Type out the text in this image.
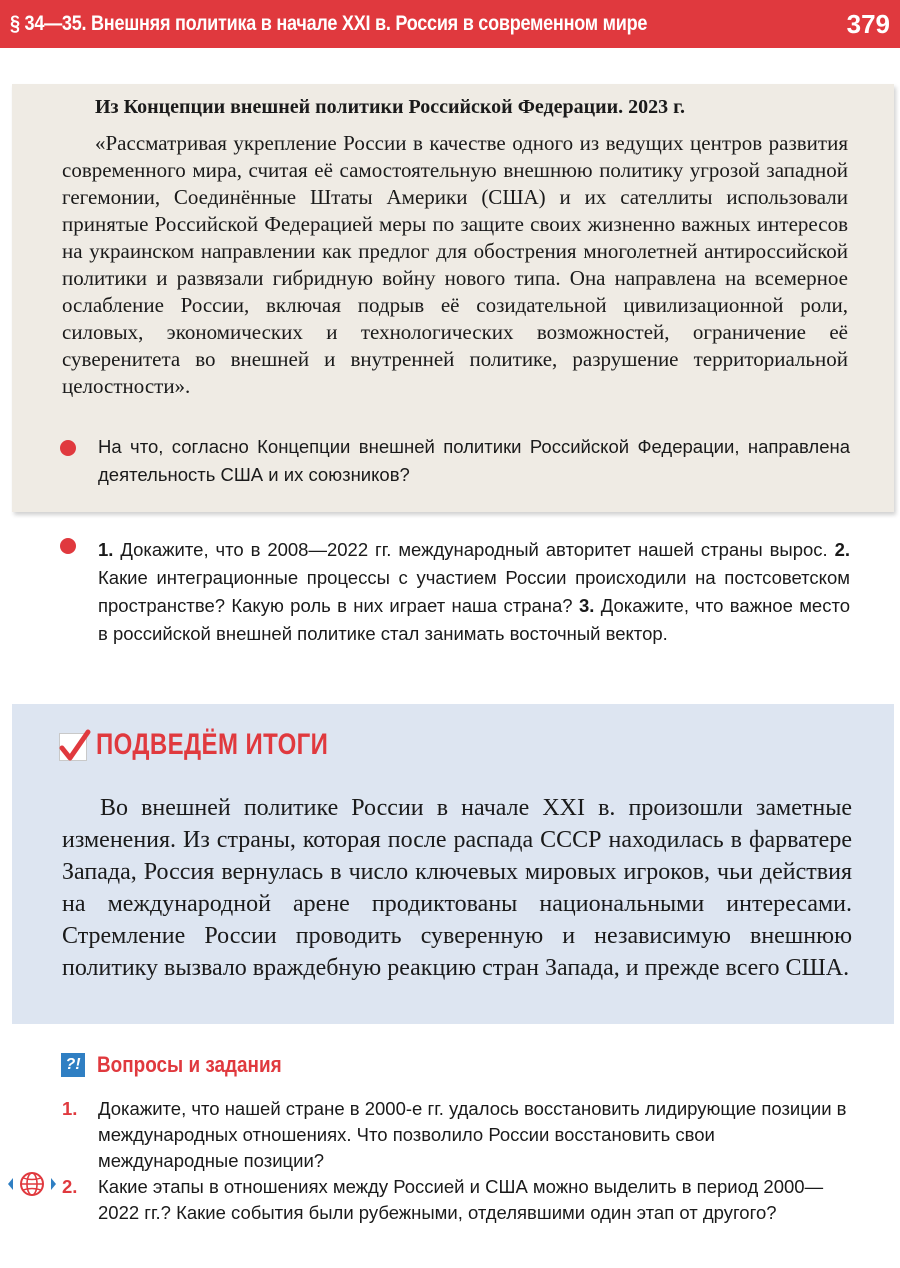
§ 34—35. Внешняя политика в начале XXI в. Россия в современном мире	379
Из Концепции внешней политики Российской Федерации. 2023 г.

«Рассматривая укрепление России в качестве одного из ведущих центров развития современного мира, считая её самостоятельную внешнюю политику угрозой западной гегемонии, Соединённые Штаты Америки (США) и их сателлиты использовали принятые Российской Федерацией меры по защите своих жизненно важных интересов на украинском направлении как предлог для обострения многолетней антироссийской политики и развязали гибридную войну нового типа. Она направлена на всемерное ослабление России, включая подрыв её созидательной цивилизационной роли, силовых, экономических и технологических возможностей, ограничение её суверенитета во внешней и внутренней политике, разрушение территориальной целостности».

На что, согласно Концепции внешней политики Российской Федерации, направлена деятельность США и их союзников?

1. Докажите, что в 2008—2022 гг. международный авторитет нашей страны вырос. 2. Какие интеграционные процессы с участием России происходили на постсоветском пространстве? Какую роль в них играет наша страна? 3. Докажите, что важное место в российской внешней политике стал занимать восточный вектор.

ПОДВЕДЁМ ИТОГИ

Во внешней политике России в начале XXI в. произошли заметные изменения. Из страны, которая после распада СССР находилась в фарватере Запада, Россия вернулась в число ключевых мировых игроков, чьи действия на международной арене продиктованы национальными интересами. Стремление России проводить суверенную и независимую внешнюю политику вызвало враждебную реакцию стран Запада, и прежде всего США.

?! Вопросы и задания
1. Докажите, что нашей стране в 2000-е гг. удалось восстановить лидирующие позиции в международных отношениях. Что позволило России восстановить свои международные позиции?

2. Какие этапы в отношениях между Россией и США можно выделить в период 2000—2022 гг.? Какие события были рубежными, отделявшими один этап от другого?
